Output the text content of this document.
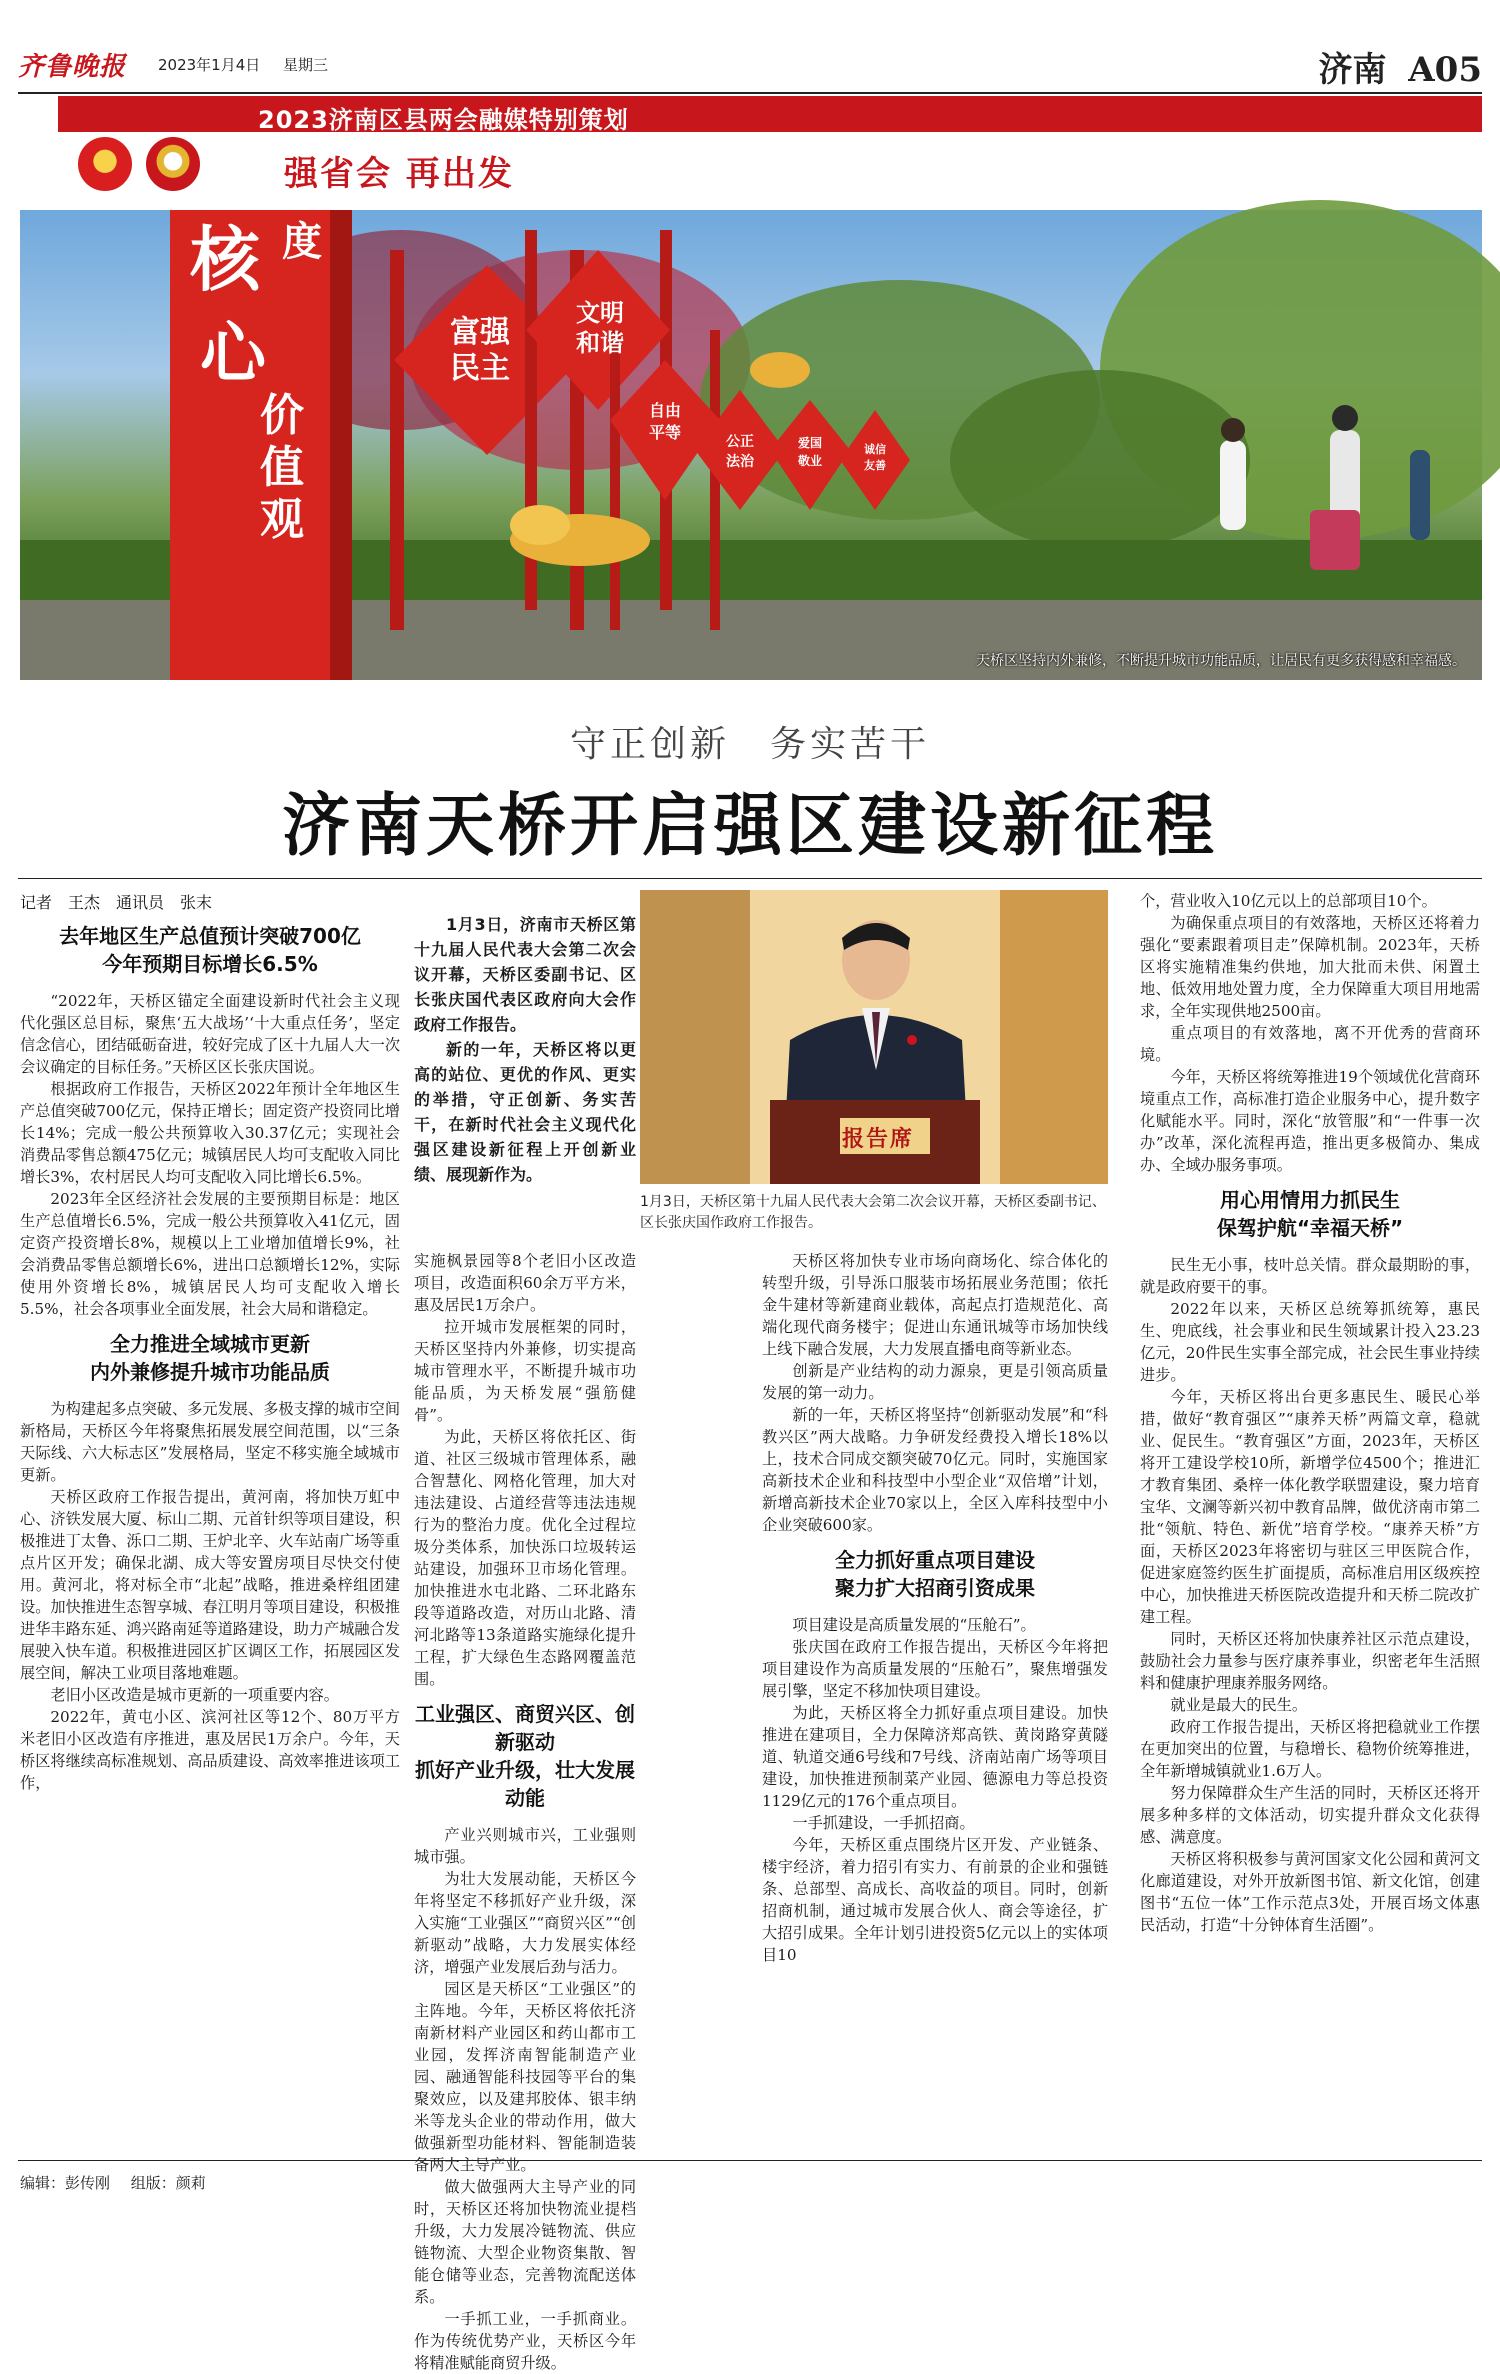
齐鲁晚报 2023年1月4日 星期三	济南 A05
2023济南区县两会融媒特别策划
强省会 再出发
核 度
心
价
值
观
富强
民主
文明
和谐
自由
平等	公正
法治
爱国
敬业
诚信
友善
天桥区坚持内外兼修，不断提升城市功能品质，让居民有更多获得感和幸福感。
守正创新　务实苦干
济南天桥开启强区建设新征程
记者　王杰　通讯员　张末
去年地区生产总值预计突破700亿
今年预期目标增长6.5%

“2022年，天桥区锚定全面建设新时代社会主义现代化强区总目标，聚焦‘五大战场’‘十大重点任务’，坚定信念信心，团结砥砺奋进，较好完成了区十九届人大一次会议确定的目标任务。”天桥区区长张庆国说。

根据政府工作报告，天桥区2022年预计全年地区生产总值突破700亿元，保持正增长；固定资产投资同比增长14%；完成一般公共预算收入30.37亿元；实现社会消费品零售总额475亿元；城镇居民人均可支配收入同比增长3%，农村居民人均可支配收入同比增长6.5%。

2023年全区经济社会发展的主要预期目标是：地区生产总值增长6.5%，完成一般公共预算收入41亿元，固定资产投资增长8%，规模以上工业增加值增长9%，社会消费品零售总额增长6%，进出口总额增长12%，实际使用外资增长8%，城镇居民人均可支配收入增长5.5%，社会各项事业全面发展，社会大局和谐稳定。

全力推进全域城市更新
内外兼修提升城市功能品质

为构建起多点突破、多元发展、多极支撑的城市空间新格局，天桥区今年将聚焦拓展发展空间范围，以“三条天际线、六大标志区”发展格局，坚定不移实施全域城市更新。

天桥区政府工作报告提出，黄河南，将加快万虹中心、济铁发展大厦、标山二期、元首针织等项目建设，积极推进丁太鲁、泺口二期、王炉北辛、火车站南广场等重点片区开发；确保北湖、成大等安置房项目尽快交付使用。黄河北，将对标全市“北起”战略，推进桑梓组团建设。加快推进生态智享城、春江明月等项目建设，积极推进华丰路东延、鸿兴路南延等道路建设，助力产城融合发展驶入快车道。积极推进园区扩区调区工作，拓展园区发展空间，解决工业项目落地难题。

老旧小区改造是城市更新的一项重要内容。

2022年，黄屯小区、滨河社区等12个、80万平方米老旧小区改造有序推进，惠及居民1万余户。今年，天桥区将继续高标准规划、高品质建设、高效率推进该项工作，

1月3日，济南市天桥区第十九届人民代表大会第二次会议开幕，天桥区委副书记、区长张庆国代表区政府向大会作政府工作报告。

新的一年，天桥区将以更高的站位、更优的作风、更实的举措，守正创新、务实苦干，在新时代社会主义现代化强区建设新征程上开创新业绩、展现新作为。

报告席
1月3日，天桥区第十九届人民代表大会第二次会议开幕，天桥区委副书记、区长张庆国作政府工作报告。

实施枫景园等8个老旧小区改造项目，改造面积60余万平方米，惠及居民1万余户。

拉开城市发展框架的同时，天桥区坚持内外兼修，切实提高城市管理水平，不断提升城市功能品质，为天桥发展“强筋健骨”。

为此，天桥区将依托区、街道、社区三级城市管理体系，融合智慧化、网格化管理，加大对违法建设、占道经营等违法违规行为的整治力度。优化全过程垃圾分类体系，加快泺口垃圾转运站建设，加强环卫市场化管理。加快推进水屯北路、二环北路东段等道路改造，对历山北路、清河北路等13条道路实施绿化提升工程，扩大绿色生态路网覆盖范围。

工业强区、商贸兴区、创新驱动
抓好产业升级，壮大发展动能

产业兴则城市兴，工业强则城市强。

为壮大发展动能，天桥区今年将坚定不移抓好产业升级，深入实施“工业强区”“商贸兴区”“创新驱动”战略，大力发展实体经济，增强产业发展后劲与活力。

园区是天桥区“工业强区”的主阵地。今年，天桥区将依托济南新材料产业园区和药山都市工业园，发挥济南智能制造产业园、融通智能科技园等平台的集聚效应，以及建邦胶体、银丰纳米等龙头企业的带动作用，做大做强新型功能材料、智能制造装备两大主导产业。

做大做强两大主导产业的同时，天桥区还将加快物流业提档升级，大力发展冷链物流、供应链物流、大型企业物资集散、智能仓储等业态，完善物流配送体系。

一手抓工业，一手抓商业。作为传统优势产业，天桥区今年将精准赋能商贸升级。

天桥区将加快专业市场向商场化、综合体化的转型升级，引导泺口服装市场拓展业务范围；依托金牛建材等新建商业载体，高起点打造规范化、高端化现代商务楼宇；促进山东通讯城等市场加快线上线下融合发展，大力发展直播电商等新业态。

创新是产业结构的动力源泉，更是引领高质量发展的第一动力。

新的一年，天桥区将坚持“创新驱动发展”和“科教兴区”两大战略。力争研发经费投入增长18%以上，技术合同成交额突破70亿元。同时，实施国家高新技术企业和科技型中小型企业“双倍增”计划，新增高新技术企业70家以上，全区入库科技型中小企业突破600家。

全力抓好重点项目建设
聚力扩大招商引资成果

项目建设是高质量发展的“压舱石”。

张庆国在政府工作报告提出，天桥区今年将把项目建设作为高质量发展的“压舱石”，聚焦增强发展引擎，坚定不移加快项目建设。

为此，天桥区将全力抓好重点项目建设。加快推进在建项目，全力保障济郑高铁、黄岗路穿黄隧道、轨道交通6号线和7号线、济南站南广场等项目建设，加快推进预制菜产业园、德源电力等总投资1129亿元的176个重点项目。

一手抓建设，一手抓招商。

今年，天桥区重点围绕片区开发、产业链条、楼宇经济，着力招引有实力、有前景的企业和强链条、总部型、高成长、高收益的项目。同时，创新招商机制，通过城市发展合伙人、商会等途径，扩大招引成果。全年计划引进投资5亿元以上的实体项目10

个，营业收入10亿元以上的总部项目10个。

为确保重点项目的有效落地，天桥区还将着力强化“要素跟着项目走”保障机制。2023年，天桥区将实施精准集约供地，加大批而未供、闲置土地、低效用地处置力度，全力保障重大项目用地需求，全年实现供地2500亩。

重点项目的有效落地，离不开优秀的营商环境。

今年，天桥区将统筹推进19个领域优化营商环境重点工作，高标准打造企业服务中心，提升数字化赋能水平。同时，深化“放管服”和“一件事一次办”改革，深化流程再造，推出更多极简办、集成办、全域办服务事项。

用心用情用力抓民生
保驾护航“幸福天桥”

民生无小事，枝叶总关情。群众最期盼的事，就是政府要干的事。

2022年以来，天桥区总统筹抓统筹，惠民生、兜底线，社会事业和民生领域累计投入23.23亿元，20件民生实事全部完成，社会民生事业持续进步。

今年，天桥区将出台更多惠民生、暖民心举措，做好“教育强区”“康养天桥”两篇文章，稳就业、促民生。“教育强区”方面，2023年，天桥区将开工建设学校10所，新增学位4500个；推进汇才教育集团、桑梓一体化教学联盟建设，聚力培育宝华、文澜等新兴初中教育品牌，做优济南市第二批“领航、特色、新优”培育学校。“康养天桥”方面，天桥区2023年将密切与驻区三甲医院合作，促进家庭签约医生扩面提质，高标准启用区级疾控中心，加快推进天桥医院改造提升和天桥二院改扩建工程。

同时，天桥区还将加快康养社区示范点建设，鼓励社会力量参与医疗康养事业，织密老年生活照料和健康护理康养服务网络。

就业是最大的民生。

政府工作报告提出，天桥区将把稳就业工作摆在更加突出的位置，与稳增长、稳物价统筹推进，全年新增城镇就业1.6万人。

努力保障群众生产生活的同时，天桥区还将开展多种多样的文体活动，切实提升群众文化获得感、满意度。

天桥区将积极参与黄河国家文化公园和黄河文化廊道建设，对外开放新图书馆、新文化馆，创建图书“五位一体”工作示范点3处，开展百场文体惠民活动，打造“十分钟体育生活圈”。

编辑：彭传刚 组版：颜莉
